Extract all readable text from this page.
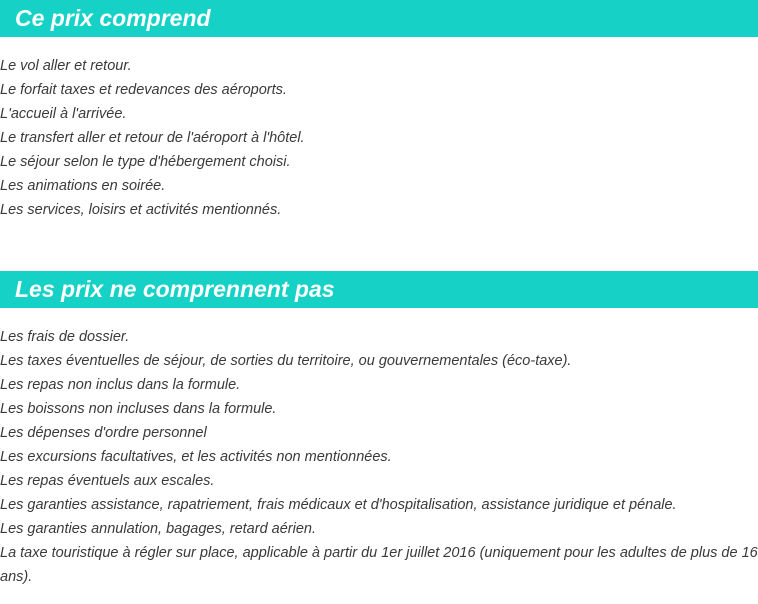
Ce prix comprend
Le vol aller et retour.
Le forfait taxes et redevances des aéroports.
L'accueil à l'arrivée.
Le transfert aller et retour de l'aéroport à l'hôtel.
Le séjour selon le type d'hébergement choisi.
Les animations en soirée.
Les services, loisirs et activités mentionnés.
Les prix ne comprennent pas
Les frais de dossier.
Les taxes éventuelles de séjour, de sorties du territoire, ou gouvernementales (éco-taxe).
Les repas non inclus dans la formule.
Les boissons non incluses dans la formule.
Les dépenses d'ordre personnel
Les excursions facultatives, et les activités non mentionnées.
Les repas éventuels aux escales.
Les garanties assistance, rapatriement, frais médicaux et d'hospitalisation, assistance juridique et pénale.
Les garanties annulation, bagages, retard aérien.
La taxe touristique à régler sur place, applicable à partir du 1er juillet 2016 (uniquement pour les adultes de plus de 16 ans).
